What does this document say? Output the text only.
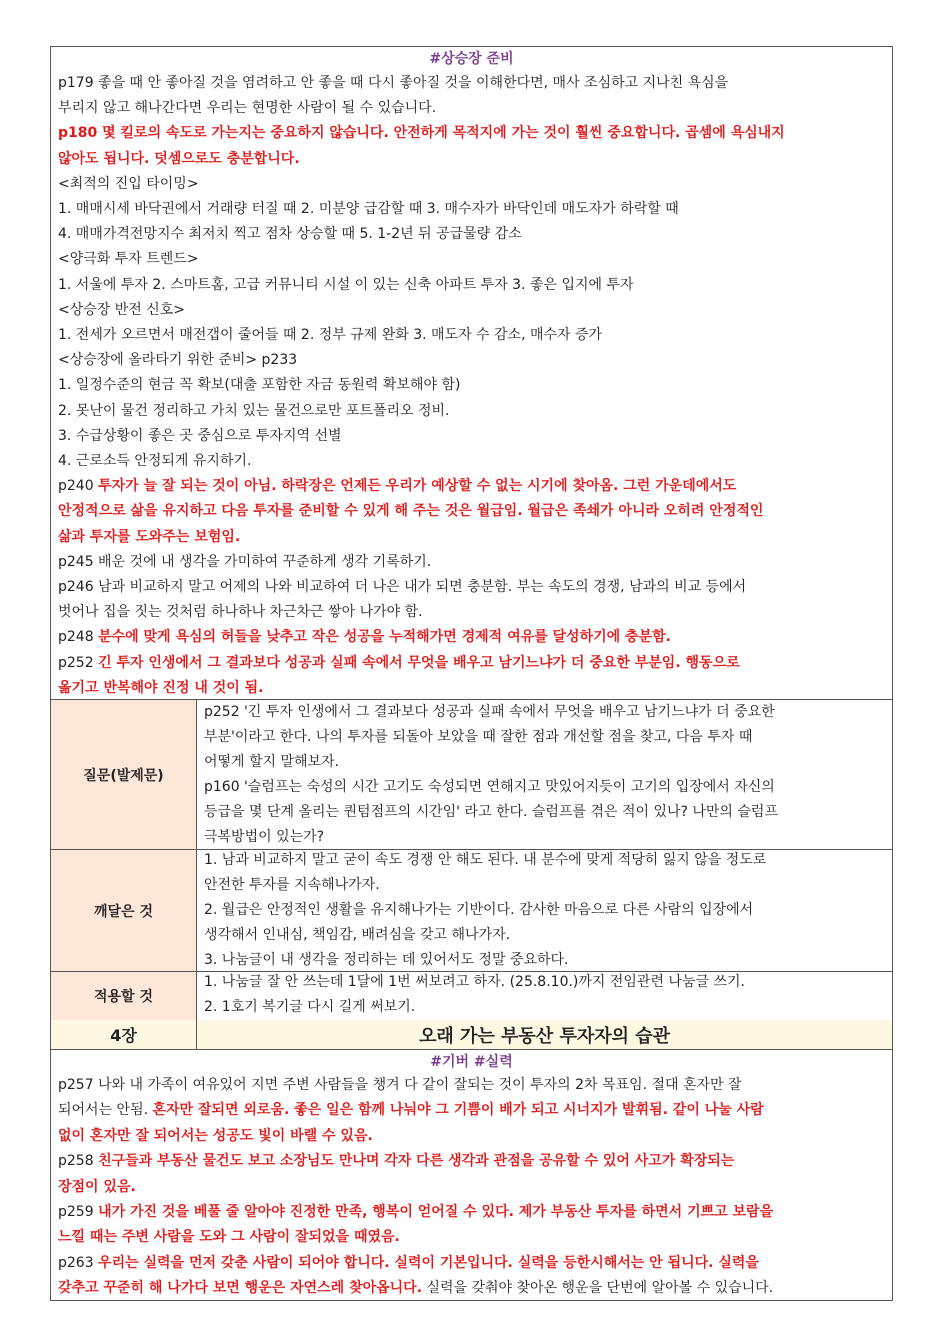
#상승장 준비
p179 좋을 때 안 좋아질 것을 염려하고 안 좋을 때 다시 좋아질 것을 이해한다면, 매사 조심하고 지나친 욕심을
부리지 않고 해나간다면 우리는 현명한 사람이 될 수 있습니다.
p180 몇 킬로의 속도로 가는지는 중요하지 않습니다. 안전하게 목적지에 가는 것이 훨씬 중요합니다. 곱셈에 욕심내지
않아도 됩니다. 덧셈으로도 충분합니다.
<최적의 진입 타이밍>
1. 매매시세 바닥권에서 거래량 터질 때 2. 미분양 급감할 때 3. 매수자가 바닥인데 매도자가 하락할 때
4. 매매가격전망지수 최저치 찍고 점차 상승할 때 5. 1-2년 뒤 공급물량 감소
<양극화 투자 트렌드>
1. 서울에 투자 2. 스마트홈, 고급 커뮤니티 시설 이 있는 신축 아파트 투자 3. 좋은 입지에 투자
<상승장 반전 신호>
1. 전세가 오르면서 매전갭이 줄어들 때 2. 정부 규제 완화 3. 매도자 수 감소, 매수자 증가
<상승장에 올라타기 위한 준비> p233
1. 일정수준의 현금 꼭 확보(대출 포함한 자금 동원력 확보해야 함)
2. 못난이 물건 정리하고 가치 있는 물건으로만 포트폴리오 정비.
3. 수급상황이 좋은 곳 중심으로 투자지역 선별
4. 근로소득 안정되게 유지하기.
p240 투자가 늘 잘 되는 것이 아님. 하락장은 언제든 우리가 예상할 수 없는 시기에 찾아옴. 그런 가운데에서도
안정적으로 삶을 유지하고 다음 투자를 준비할 수 있게 해 주는 것은 월급임. 월급은 족쇄가 아니라 오히려 안정적인
삶과 투자를 도와주는 보험임.
p245 배운 것에 내 생각을 가미하여 꾸준하게 생각 기록하기.
p246 남과 비교하지 말고 어제의 나와 비교하여 더 나은 내가 되면 충분함. 부는 속도의 경쟁, 남과의 비교 등에서
벗어나 집을 짓는 것처럼 하나하나 차근차근 쌓아 나가야 함.
p248 분수에 맞게 욕심의 허들을 낮추고 작은 성공을 누적해가면 경제적 여유를 달성하기에 충분함.
p252 긴 투자 인생에서 그 결과보다 성공과 실패 속에서 무엇을 배우고 남기느냐가 더 중요한 부분임. 행동으로
옮기고 반복해야 진정 내 것이 됨.
질문(발제문)
p252 '긴 투자 인생에서 그 결과보다 성공과 실패 속에서 무엇을 배우고 남기느냐가 더 중요한
부분'이라고 한다. 나의 투자를 되돌아 보았을 때 잘한 점과 개선할 점을 찾고, 다음 투자 때
어떻게 할지 말해보자.
p160 '슬럼프는 숙성의 시간 고기도 숙성되면 연해지고 맛있어지듯이 고기의 입장에서 자신의
등급을 몇 단계 올리는 퀀텀점프의 시간임' 라고 한다. 슬럼프를 겪은 적이 있나? 나만의 슬럼프
극복방법이 있는가?
깨달은 것
1. 남과 비교하지 말고 굳이 속도 경쟁 안 해도 된다. 내 분수에 맞게 적당히 잃지 않을 정도로
안전한 투자를 지속해나가자.
2. 월급은 안정적인 생활을 유지해나가는 기반이다. 감사한 마음으로 다른 사람의 입장에서
생각해서 인내심, 책임감, 배려심을 갖고 해나가자.
3. 나눔글이 내 생각을 정리하는 데 있어서도 정말 중요하다.
적용할 것
1. 나눔글 잘 안 쓰는데 1달에 1번 써보려고 하자. (25.8.10.)까지 전임관련 나눔글 쓰기.
2. 1호기 복기글 다시 길게 써보기.
4장	오래 가는 부동산 투자자의 습관
#기버 #실력
p257 나와 내 가족이 여유있어 지면 주변 사람들을 챙겨 다 같이 잘되는 것이 투자의 2차 목표임. 절대 혼자만 잘
되어서는 안됨. 혼자만 잘되면 외로움. 좋은 일은 함께 나눠야 그 기쁨이 배가 되고 시너지가 발휘됨. 같이 나눌 사람
없이 혼자만 잘 되어서는 성공도 빛이 바랠 수 있음.
p258 친구들과 부동산 물건도 보고 소장님도 만나며 각자 다른 생각과 관점을 공유할 수 있어 사고가 확장되는
장점이 있음.
p259 내가 가진 것을 베풀 줄 알아야 진정한 만족, 행복이 얻어질 수 있다. 제가 부동산 투자를 하면서 기쁘고 보람을
느낄 때는 주변 사람을 도와 그 사람이 잘되었을 때였음.
p263 우리는 실력을 먼저 갖춘 사람이 되어야 합니다. 실력이 기본입니다. 실력을 등한시해서는 안 됩니다. 실력을
갖추고 꾸준히 해 나가다 보면 행운은 자연스레 찾아옵니다. 실력을 갖춰야 찾아온 행운을 단번에 알아볼 수 있습니다.
